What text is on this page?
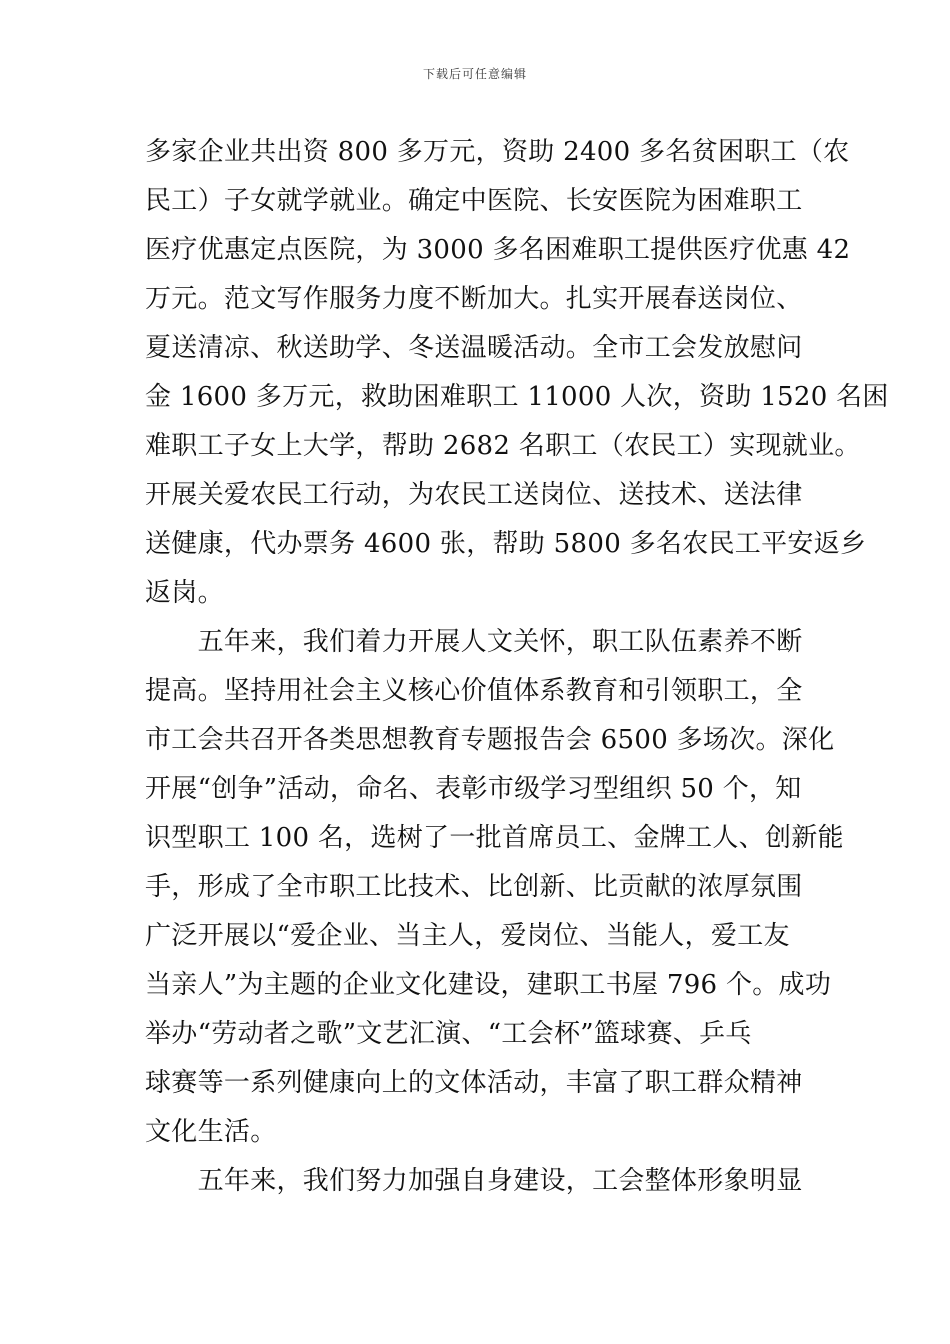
下载后可任意编辑
多家企业共出资 800 多万元，资助 2400 多名贫困职工（农
民工）子女就学就业。确定中医院、长安医院为困难职工
医疗优惠定点医院，为 3000 多名困难职工提供医疗优惠 42
万元。范文写作服务力度不断加大。扎实开展春送岗位、
夏送清凉、秋送助学、冬送温暖活动。全市工会发放慰问
金 1600 多万元，救助困难职工 11000 人次，资助 1520 名困
难职工子女上大学，帮助 2682 名职工（农民工）实现就业。
开展关爱农民工行动，为农民工送岗位、送技术、送法律
送健康，代办票务 4600 张，帮助 5800 多名农民工平安返乡
返岗。
　　五年来，我们着力开展人文关怀，职工队伍素养不断
提高。坚持用社会主义核心价值体系教育和引领职工，全
市工会共召开各类思想教育专题报告会 6500 多场次。深化
开展“创争”活动，命名、表彰市级学习型组织 50 个，知
识型职工 100 名，选树了一批首席员工、金牌工人、创新能
手，形成了全市职工比技术、比创新、比贡献的浓厚氛围
广泛开展以“爱企业、当主人，爱岗位、当能人，爱工友
当亲人”为主题的企业文化建设，建职工书屋 796 个。成功
举办“劳动者之歌”文艺汇演、“工会杯”篮球赛、乒乓
球赛等一系列健康向上的文体活动，丰富了职工群众精神
文化生活。
　　五年来，我们努力加强自身建设，工会整体形象明显
